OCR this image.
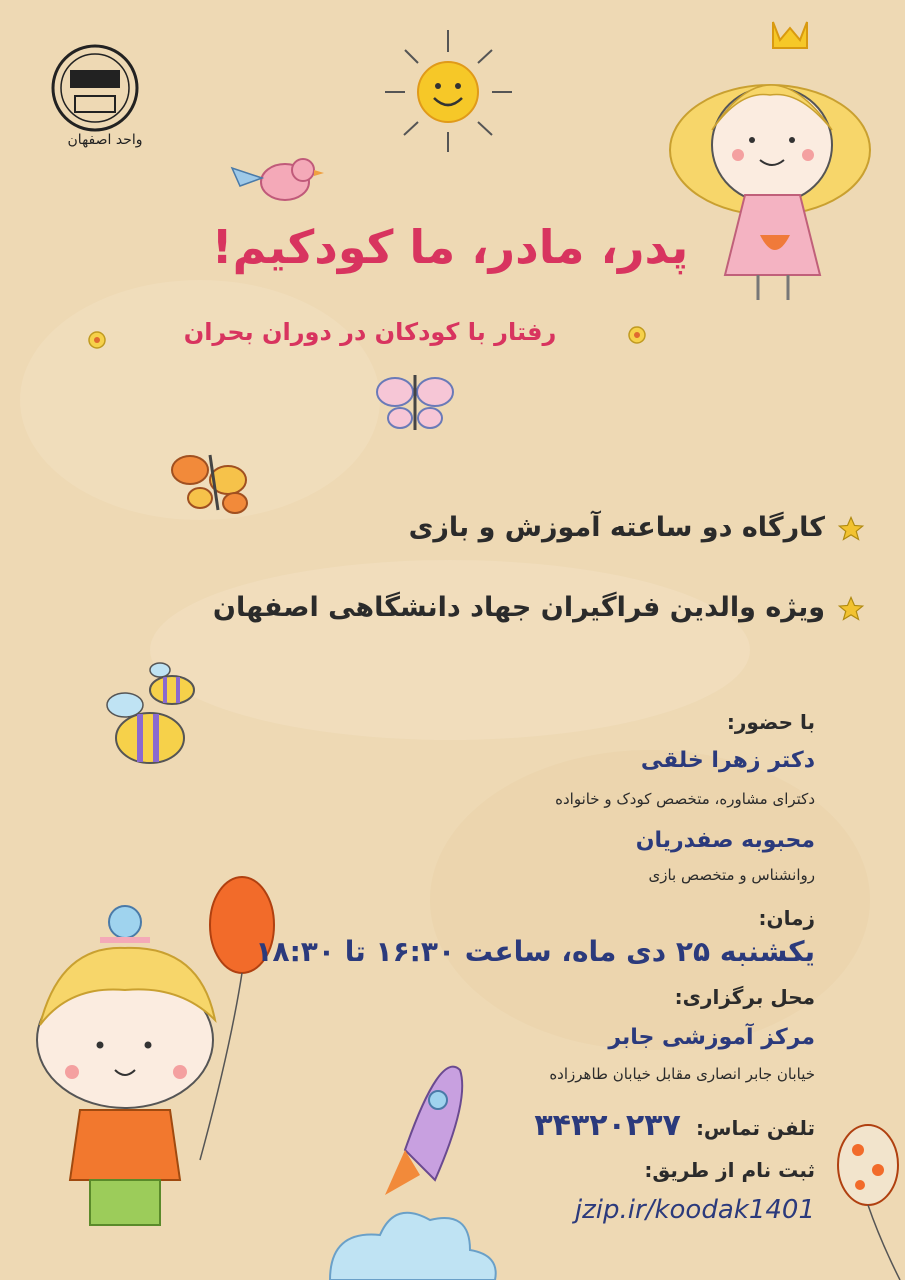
واحد اصفهان
پدر، مادر، ما کودکیم!
رفتار با کودکان در دوران بحران
کارگاه دو ساعته آموزش و بازی
ویژه والدین فراگیران جهاد دانشگاهی اصفهان
با حضور:
دکتر زهرا خلقی
دکترای مشاوره، متخصص کودک و خانواده
محبوبه صفدریان
روانشناس و متخصص بازی
زمان:
یکشنبه ۲۵ دی ماه، ساعت ۱۶:۳۰ تا ۱۸:۳۰
محل برگزاری:
مرکز آموزشی جابر
خیابان جابر انصاری مقابل خیابان طاهرزاده
تلفن تماس: ۳۴۳۲۰۲۳۷
ثبت نام از طریق:
jzip.ir/koodak1401
